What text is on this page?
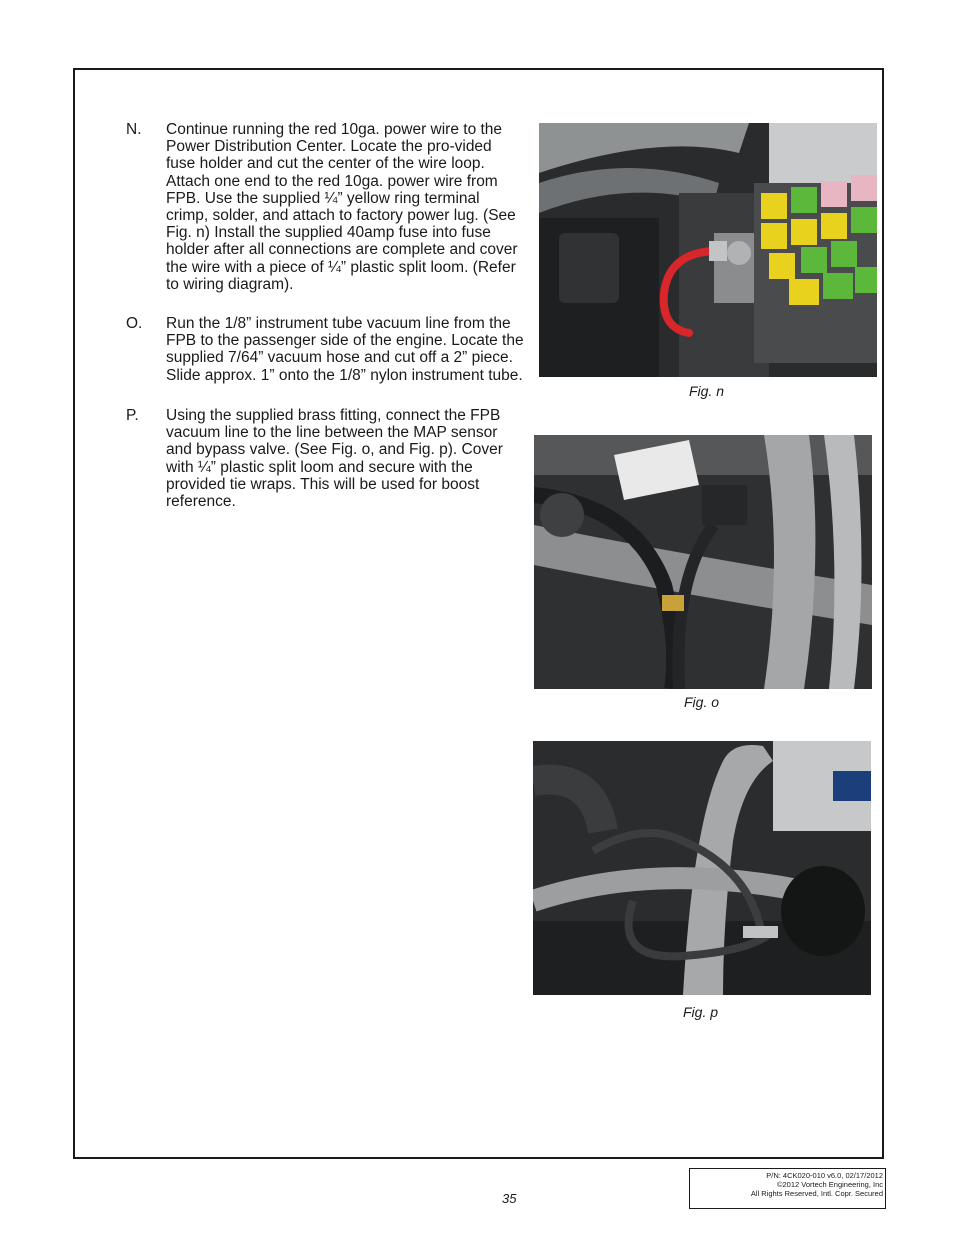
N. Continue running the red 10ga. power wire to the Power Distribution Center. Locate the pro-vided fuse holder and cut the center of the wire loop. Attach one end to the red 10ga. power wire from FPB. Use the supplied ¼” yellow ring terminal crimp, solder, and attach to factory power lug. (See Fig. n) Install the supplied 40amp fuse into fuse holder after all connections are complete and cover the wire with a piece of ¼” plastic split loom. (Refer to wiring diagram).
O. Run the 1/8” instrument tube vacuum line from the FPB to the passenger side of the engine. Locate the supplied 7/64” vacuum hose and cut off a 2” piece. Slide approx. 1” onto the 1/8” nylon instrument tube.
P. Using the supplied brass fitting, connect the FPB vacuum line to the line between the MAP sensor and bypass valve. (See Fig. o, and Fig. p). Cover with ¼” plastic split loom and secure with the provided tie wraps. This will be used for boost reference.
Fig. n
Fig. o
Fig. p
35
P/N: 4CK020-010 v6.0, 02/17/2012
©2012 Vortech Engineering, Inc
All Rights Reserved, Intl. Copr. Secured
